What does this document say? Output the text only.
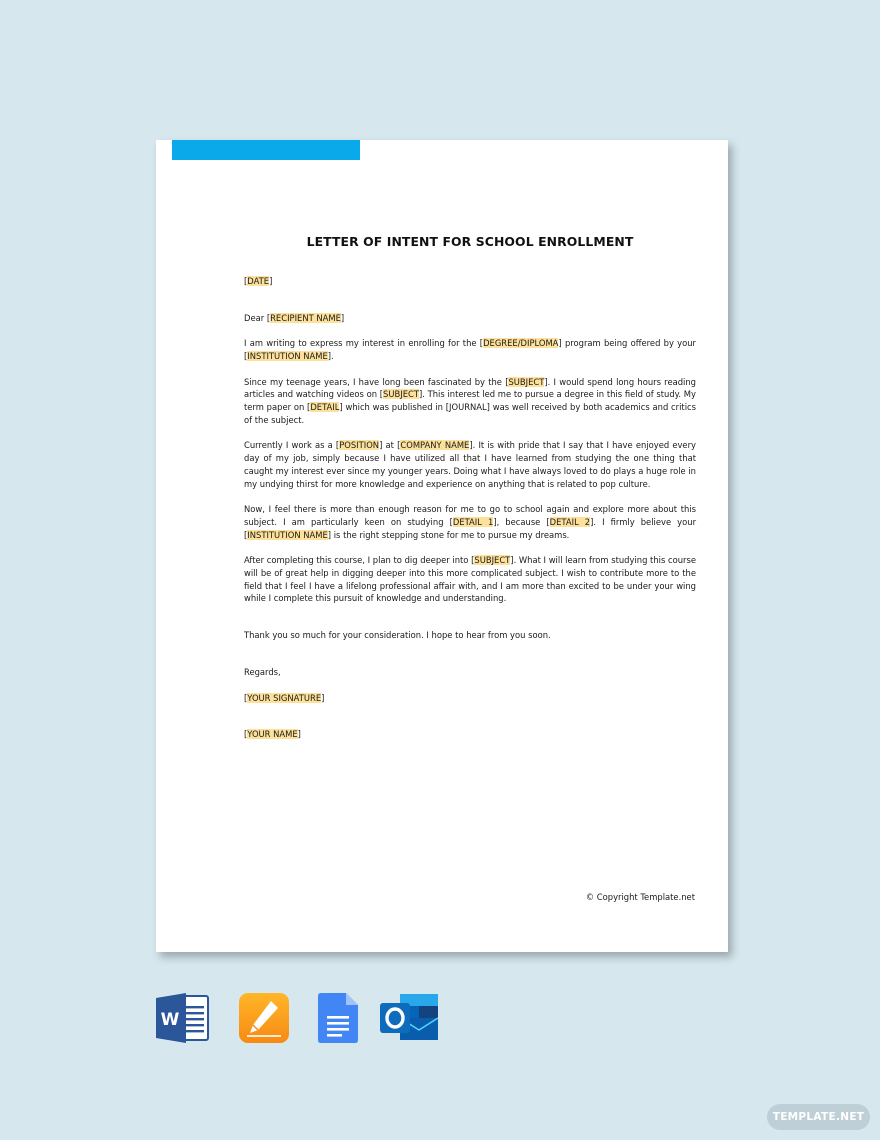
LETTER OF INTENT FOR SCHOOL ENROLLMENT

[DATE]

Dear [RECIPIENT NAME]

I am writing to express my interest in enrolling for the [DEGREE/DIPLOMA] program being offered by your [INSTITUTION NAME].

Since my teenage years, I have long been fascinated by the [SUBJECT]. I would spend long hours reading articles and watching videos on [SUBJECT]. This interest led me to pursue a degree in this field of study. My term paper on [DETAIL] which was published in [JOURNAL] was well received by both academics and critics of the subject.

Currently I work as a [POSITION] at [COMPANY NAME]. It is with pride that I say that I have enjoyed every day of my job, simply because I have utilized all that I have learned from studying the one thing that caught my interest ever since my younger years. Doing what I have always loved to do plays a huge role in my undying thirst for more knowledge and experience on anything that is related to pop culture.

Now, I feel there is more than enough reason for me to go to school again and explore more about this subject. I am particularly keen on studying [DETAIL 1], because [DETAIL 2]. I firmly believe your [INSTITUTION NAME] is the right stepping stone for me to pursue my dreams.

After completing this course, I plan to dig deeper into [SUBJECT]. What I will learn from studying this course will be of great help in digging deeper into this more complicated subject. I wish to contribute more to the field that I feel I have a lifelong professional affair with, and I am more than excited to be under your wing while I complete this pursuit of knowledge and understanding.

Thank you so much for your consideration. I hope to hear from you soon.

Regards,

[YOUR SIGNATURE]

[YOUR NAME]

© Copyright Template.net
W
TEMPLATE.NET
